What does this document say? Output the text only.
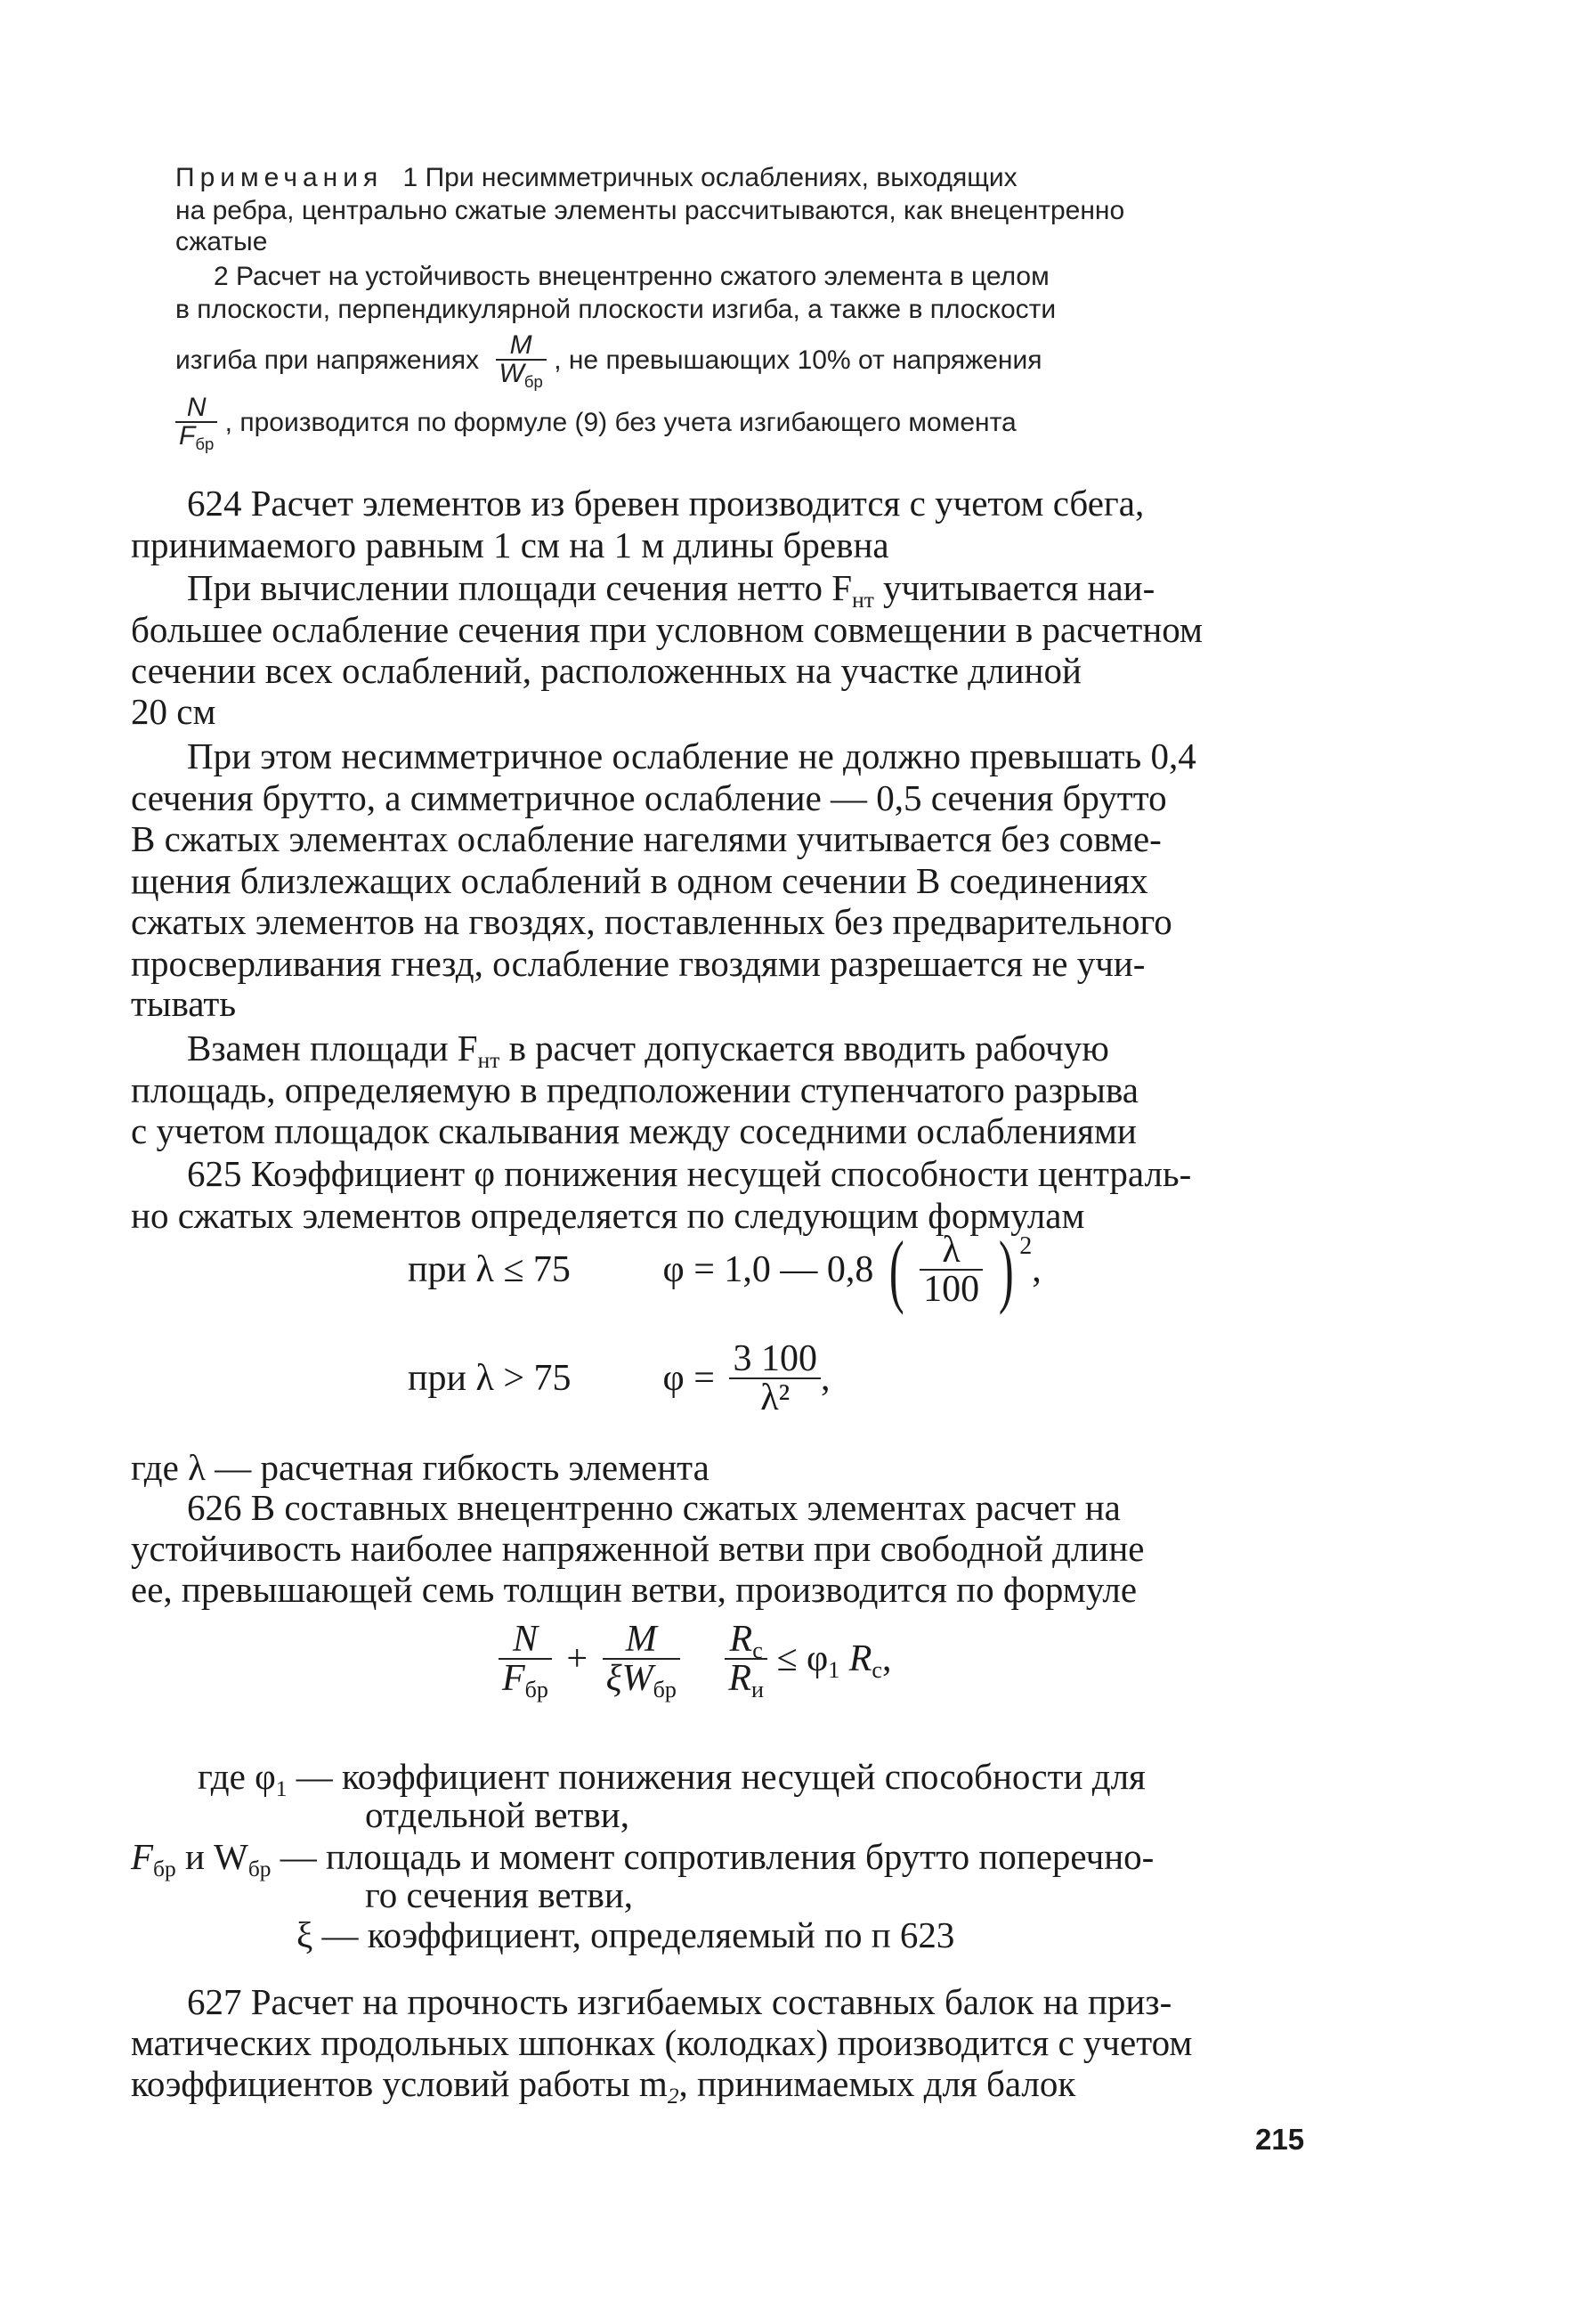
Примечания 1 При несимметричных ослаблениях, выходящих
на ребра, центрально сжатые элементы рассчитываются, как внецентренно
сжатые
2 Расчет на устойчивость внецентренно сжатого элемента в целом
в плоскости, перпендикулярной плоскости изгиба, а также в плоскости
изгиба при напряжениях $\frac{M}{\text{Wбр}}$ , не превышающих 10% от напряжения
$\frac{N}{\text{Fбр}}$ , производится по формуле (9) без учета изгибающего момента
624 Расчет элементов из бревен производится с учетом сбега,
принимаемого равным 1 см на 1 м длины бревна
При вычислении площади сечения нетто Fнт учитывается наи-
большее ослабление сечения при условном совмещении в расчетном
сечении всех ослаблений, расположенных на участке длиной
20 см
При этом несимметричное ослабление не должно превышать 0,4
сечения брутто, а симметричное ослабление — 0,5 сечения брутто
В сжатых элементах ослабление нагелями учитывается без совме-
щения близлежащих ослаблений в одном сечении В соединениях
сжатых элементов на гвоздях, поставленных без предварительного
просверливания гнезд, ослабление гвоздями разрешается не учи-
тывать
Взамен площади Fнт в расчет допускается вводить рабочую
площадь, определяемую в предположении ступенчатого разрыва
с учетом площадок скалывания между соседними ослаблениями
625 Коэффициент φ понижения несущей способности централь-
но сжатых элементов определяется по следующим формулам
при λ ≤ 75 φ = 1,0 — 0,8 ( $\frac{\lambda}{100}$ ) 2,
при λ > 75 $\varphi = \frac{3 100}{\text{λ²}}$ ,
где λ — расчетная гибкость элемента
626 В составных внецентренно сжатых элементах расчет на
устойчивость наиболее напряженной ветви при свободной длине
ее, превышающей семь толщин ветви, производится по формуле
$\frac{N}{\text{Fбр}} + \frac{M}{\text{ξWбр}}$
$\frac{Rс}{Rи} \le \varphi 1$ Rс,
где φ1 — коэффициент понижения несущей способности для
отдельной ветви,
Fбр и Wбр — площадь и момент сопротивления брутто поперечно-
го сечения ветви,
ξ — коэффициент, определяемый по п 623
627 Расчет на прочность изгибаемых составных балок на приз-
матических продольных шпонках (колодках) производится с учетом
коэффициентов условий работы m2, принимаемых для балок
215
